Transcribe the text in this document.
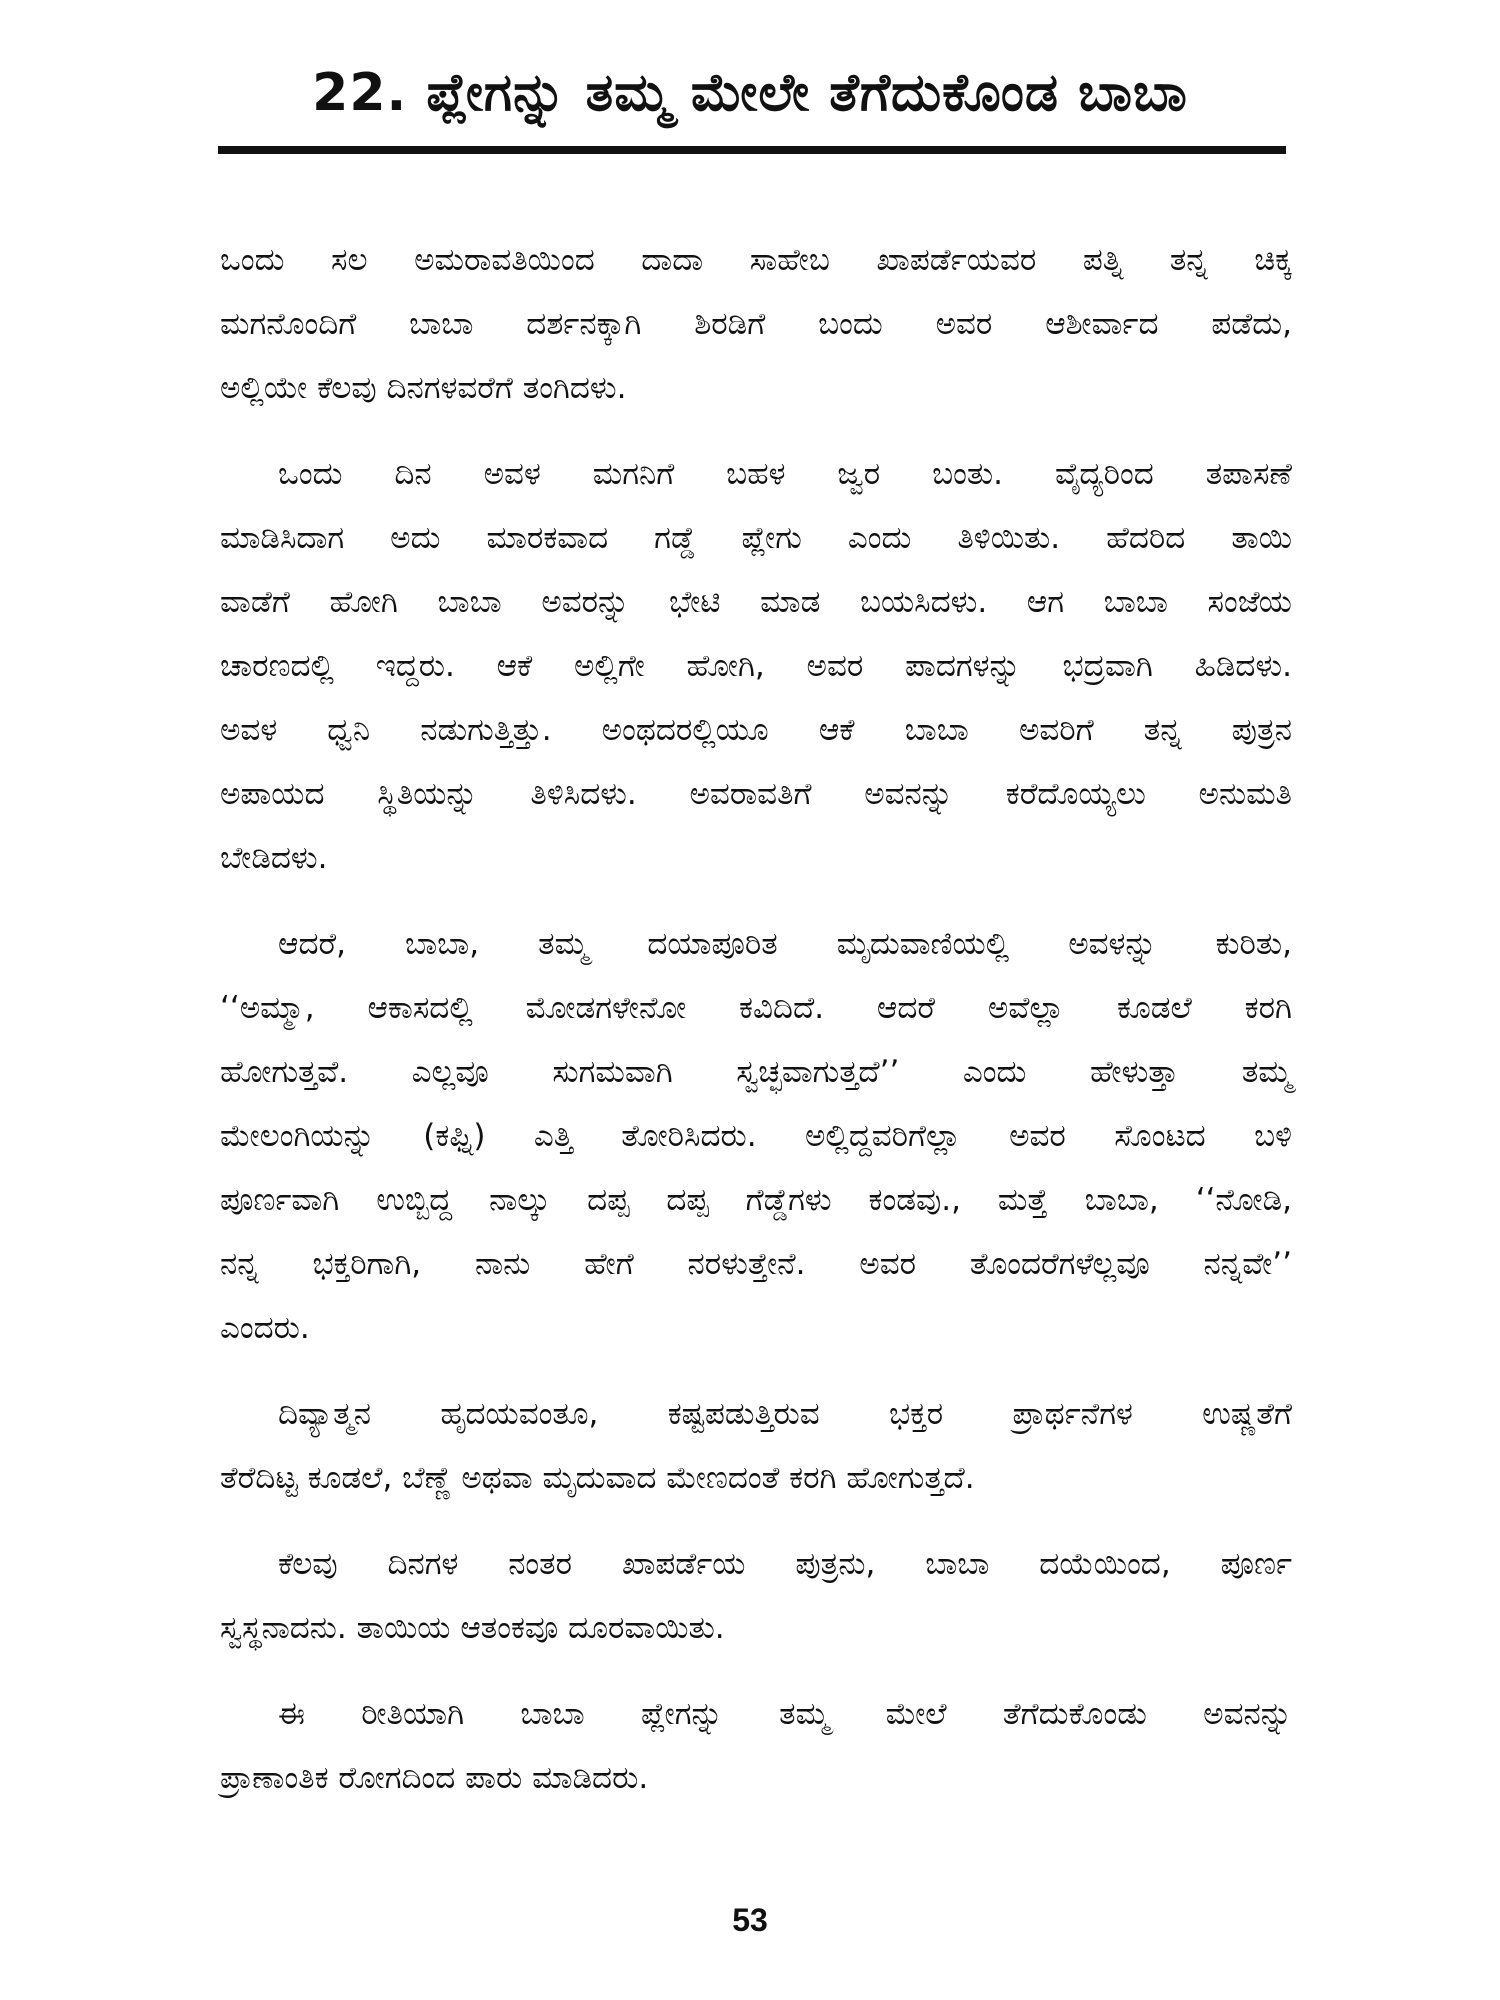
22. ಪ್ಲೇಗನ್ನು ತಮ್ಮ ಮೇಲೇ ತೆಗೆದುಕೊಂಡ ಬಾಬಾ
ಒಂದು ಸಲ ಅಮರಾವತಿಯಿಂದ ದಾದಾ ಸಾಹೇಬ ಖಾಪರ್ಡೆಯವರ ಪತ್ನಿ ತನ್ನ ಚಿಕ್ಕ
ಮಗನೊಂದಿಗೆ ಬಾಬಾ ದರ್ಶನಕ್ಕಾಗಿ ಶಿರಡಿಗೆ ಬಂದು ಅವರ ಆಶೀರ್ವಾದ ಪಡೆದು,
ಅಲ್ಲಿಯೇ ಕೆಲವು ದಿನಗಳವರೆಗೆ ತಂಗಿದಳು.
ಒಂದು ದಿನ ಅವಳ ಮಗನಿಗೆ ಬಹಳ ಜ್ವರ ಬಂತು. ವೈದ್ಯರಿಂದ ತಪಾಸಣೆ
ಮಾಡಿಸಿದಾಗ ಅದು ಮಾರಕವಾದ ಗಡ್ಡೆ ಪ್ಲೇಗು ಎಂದು ತಿಳಿಯಿತು. ಹೆದರಿದ ತಾಯಿ
ವಾಡೆಗೆ ಹೋಗಿ ಬಾಬಾ ಅವರನ್ನು ಭೇಟಿ ಮಾಡ ಬಯಸಿದಳು. ಆಗ ಬಾಬಾ ಸಂಜೆಯ
ಚಾರಣದಲ್ಲಿ ಇದ್ದರು. ಆಕೆ ಅಲ್ಲಿಗೇ ಹೋಗಿ, ಅವರ ಪಾದಗಳನ್ನು ಭದ್ರವಾಗಿ ಹಿಡಿದಳು.
ಅವಳ ಧ್ವನಿ ನಡುಗುತ್ತಿತ್ತು. ಅಂಥದರಲ್ಲಿಯೂ ಆಕೆ ಬಾಬಾ ಅವರಿಗೆ ತನ್ನ ಪುತ್ರನ
ಅಪಾಯದ ಸ್ಥಿತಿಯನ್ನು ತಿಳಿಸಿದಳು. ಅವರಾವತಿಗೆ ಅವನನ್ನು ಕರೆದೊಯ್ಯಲು ಅನುಮತಿ
ಬೇಡಿದಳು.
ಆದರೆ, ಬಾಬಾ, ತಮ್ಮ ದಯಾಪೂರಿತ ಮೃದುವಾಣಿಯಲ್ಲಿ ಅವಳನ್ನು ಕುರಿತು,
‘‘ಅಮ್ಮಾ, ಆಕಾಸದಲ್ಲಿ ಮೋಡಗಳೇನೋ ಕವಿದಿದೆ. ಆದರೆ ಅವೆಲ್ಲಾ ಕೂಡಲೆ ಕರಗಿ
ಹೋಗುತ್ತವೆ. ಎಲ್ಲವೂ ಸುಗಮವಾಗಿ ಸ್ವಚ್ಛವಾಗುತ್ತದೆ’’ ಎಂದು ಹೇಳುತ್ತಾ ತಮ್ಮ
ಮೇಲಂಗಿಯನ್ನು (ಕಫ್ನಿ) ಎತ್ತಿ ತೋರಿಸಿದರು. ಅಲ್ಲಿದ್ದವರಿಗೆಲ್ಲಾ ಅವರ ಸೊಂಟದ ಬಳಿ
ಪೂರ್ಣವಾಗಿ ಉಬ್ಬಿದ್ದ ನಾಲ್ಕು ದಪ್ಪ ದಪ್ಪ ಗೆಡ್ಡೆಗಳು ಕಂಡವು., ಮತ್ತೆ ಬಾಬಾ, ‘‘ನೋಡಿ,
ನನ್ನ ಭಕ್ತರಿಗಾಗಿ, ನಾನು ಹೇಗೆ ನರಳುತ್ತೇನೆ. ಅವರ ತೊಂದರೆಗಳೆಲ್ಲವೂ ನನ್ನವೇ’’
ಎಂದರು.
ದಿವ್ಯಾತ್ಮನ ಹೃದಯವಂತೂ, ಕಷ್ಟಪಡುತ್ತಿರುವ ಭಕ್ತರ ಪ್ರಾರ್ಥನೆಗಳ ಉಷ್ಣತೆಗೆ
ತೆರೆದಿಟ್ಟ ಕೂಡಲೆ, ಬೆಣ್ಣೆ ಅಥವಾ ಮೃದುವಾದ ಮೇಣದಂತೆ ಕರಗಿ ಹೋಗುತ್ತದೆ.
ಕೆಲವು ದಿನಗಳ ನಂತರ ಖಾಪರ್ಡೆಯ ಪುತ್ರನು, ಬಾಬಾ ದಯೆಯಿಂದ, ಪೂರ್ಣ
ಸ್ವಸ್ಥನಾದನು. ತಾಯಿಯ ಆತಂಕವೂ ದೂರವಾಯಿತು.
ಈ ರೀತಿಯಾಗಿ ಬಾಬಾ ಪ್ಲೇಗನ್ನು ತಮ್ಮ ಮೇಲೆ ತೆಗೆದುಕೊಂಡು ಅವನನ್ನು
ಪ್ರಾಣಾಂತಿಕ ರೋಗದಿಂದ ಪಾರು ಮಾಡಿದರು.
53
